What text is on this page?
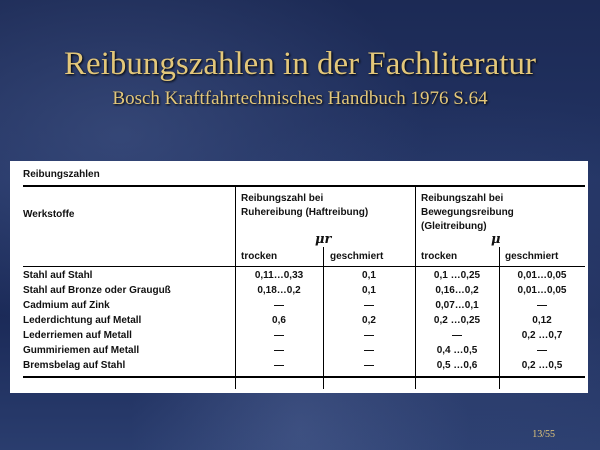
Reibungszahlen in der Fachliteratur
Bosch Kraftfahrtechnisches Handbuch 1976 S.64
Reibungszahlen
Werkstoffe
Reibungszahl bei
Ruhereibung (Haftreibung)
Reibungszahl bei
Bewegungsreibung
(Gleitreibung)
μr	μ
trocken	geschmiert	trocken	geschmiert
Stahl auf Stahl	0,11…0,33	0,1	0,1 …0,25	0,01…0,05
Stahl auf Bronze oder Grauguß	0,18…0,2	0,1	0,16…0,2	0,01…0,05
Cadmium auf Zink	—	—	0,07…0,1	—
Lederdichtung auf Metall	0,6	0,2	0,2 …0,25	0,12
Lederriemen auf Metall	—	—	—	0,2 …0,7
Gummiriemen auf Metall	—	—	0,4 …0,5	—
Bremsbelag auf Stahl	—	—	0,5 …0,6	0,2 …0,5
13/55
